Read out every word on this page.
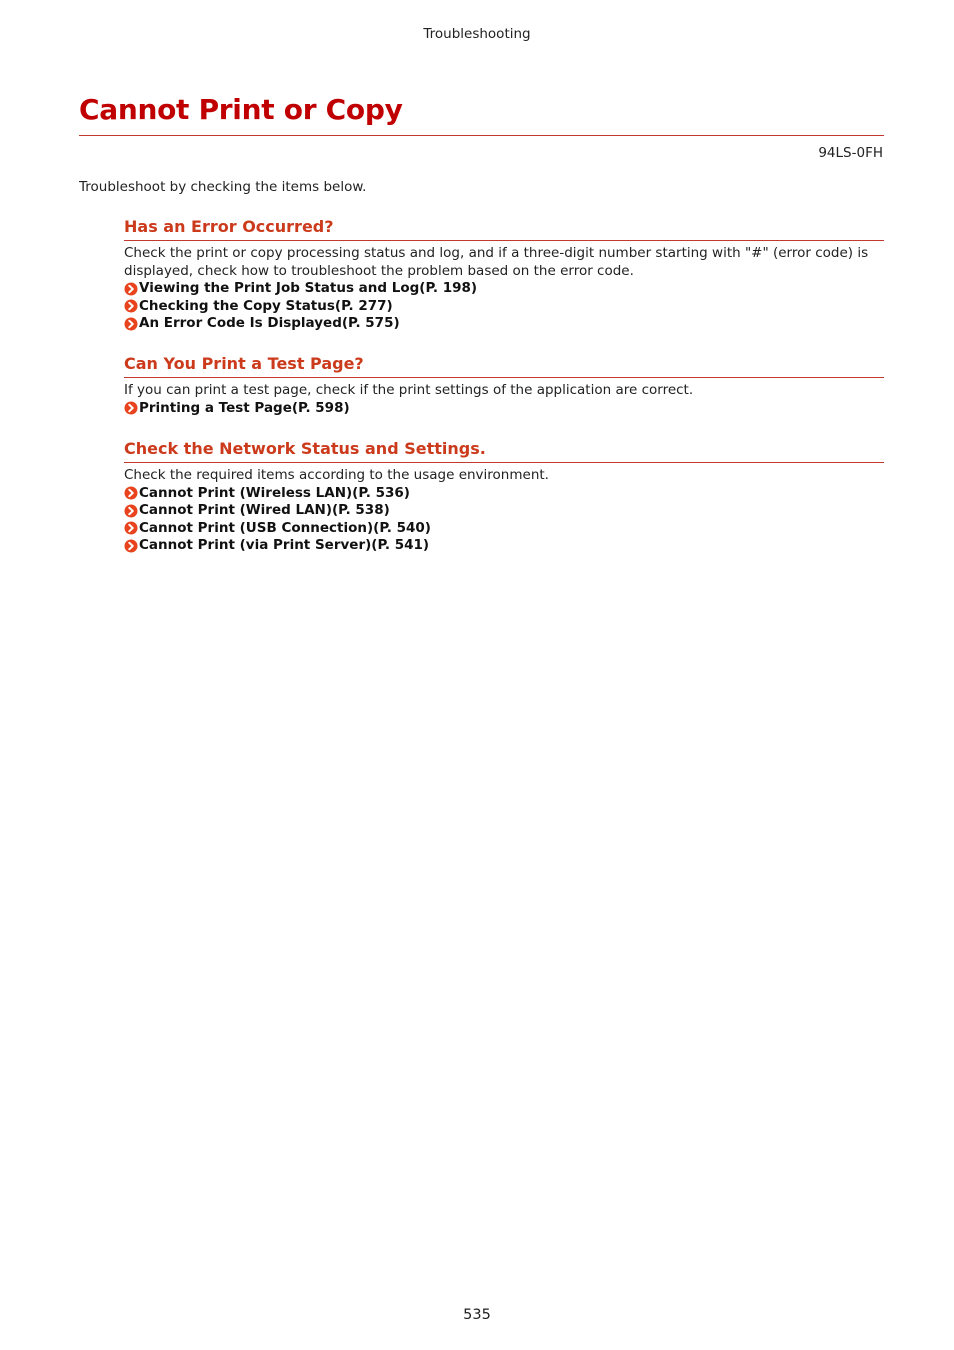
Troubleshooting
Cannot Print or Copy
94LS-0FH
Troubleshoot by checking the items below.
Has an Error Occurred?

Check the print or copy processing status and log, and if a three-digit number starting with "#" (error code) is displayed, check how to troubleshoot the problem based on the error code.

Viewing the Print Job Status and Log(P. 198)
Checking the Copy Status(P. 277)
An Error Code Is Displayed(P. 575)
Can You Print a Test Page?

If you can print a test page, check if the print settings of the application are correct.

Printing a Test Page(P. 598)
Check the Network Status and Settings.

Check the required items according to the usage environment.

Cannot Print (Wireless LAN)(P. 536)
Cannot Print (Wired LAN)(P. 538)
Cannot Print (USB Connection)(P. 540)
Cannot Print (via Print Server)(P. 541)
535
